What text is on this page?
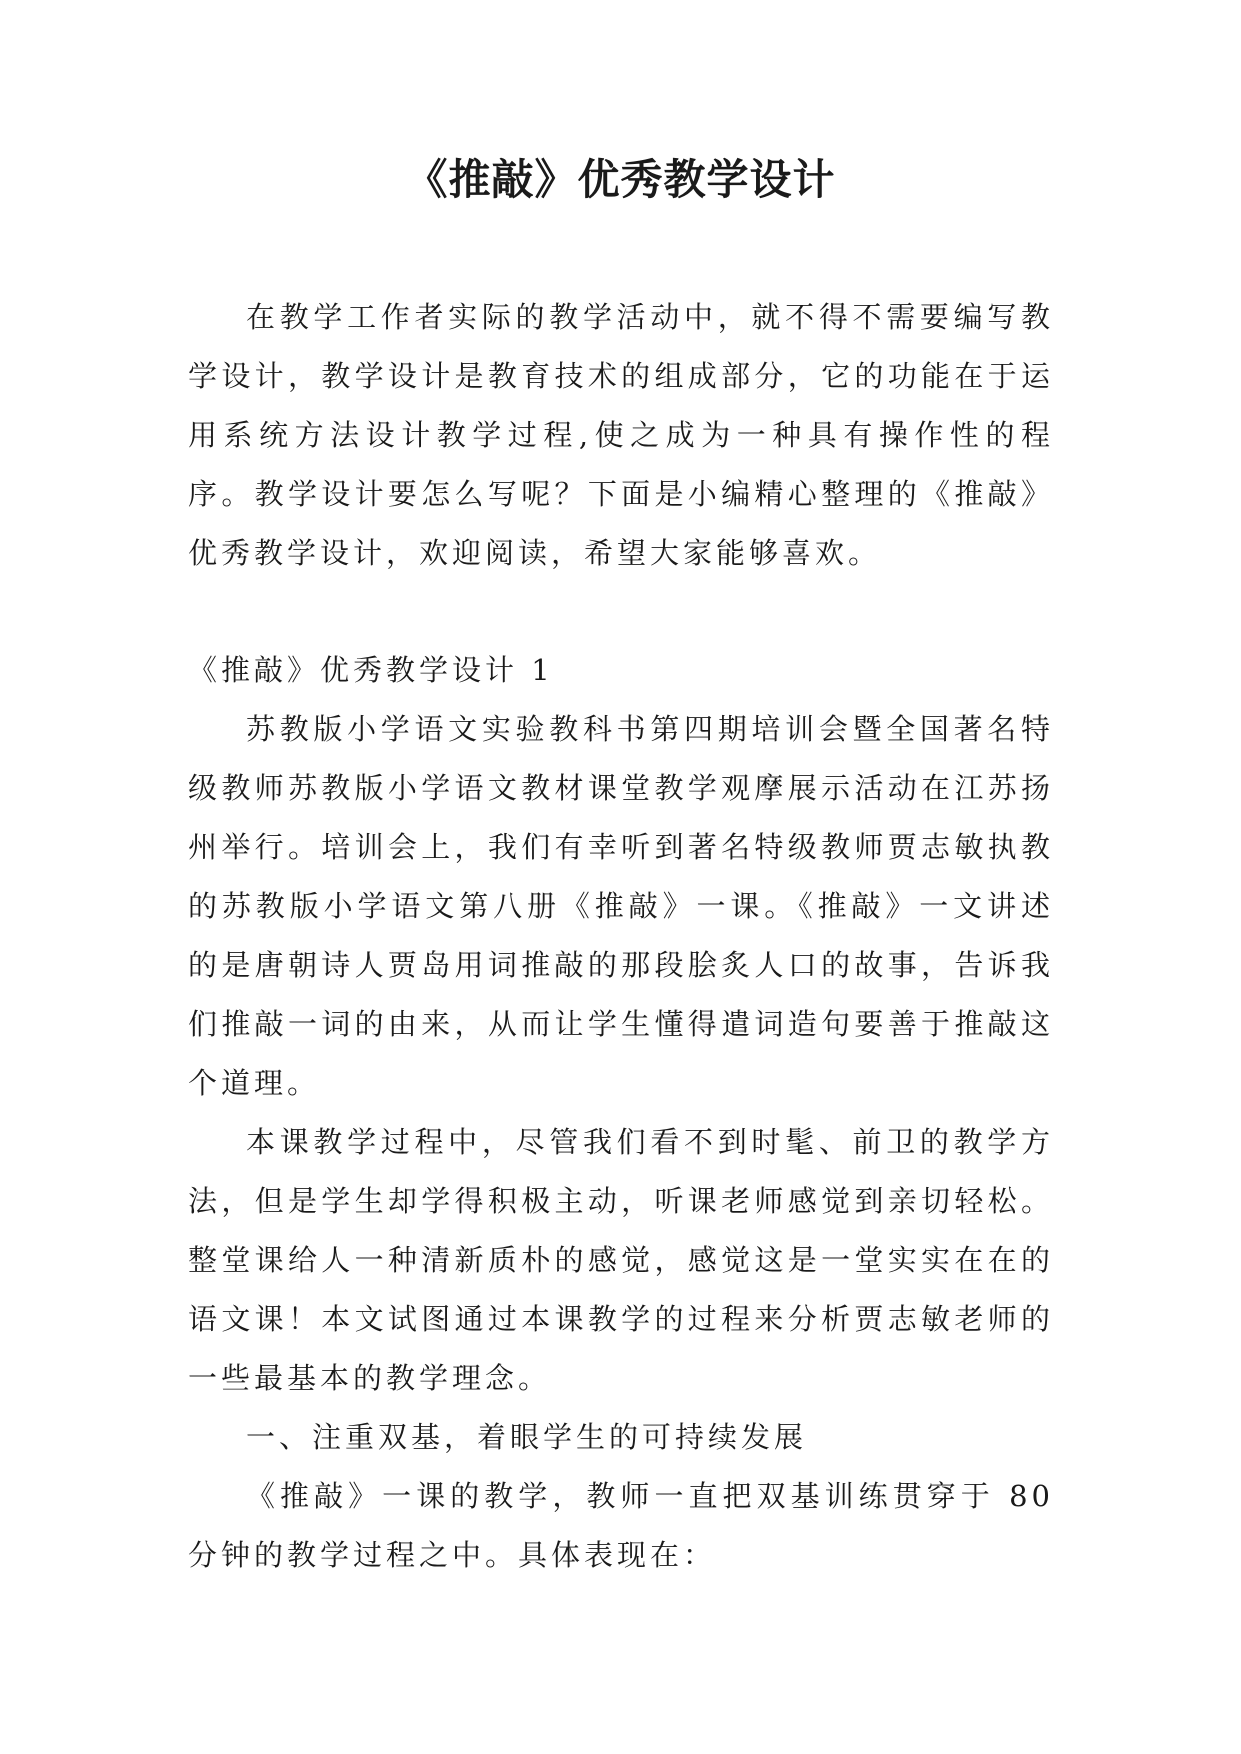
《推敲》优秀教学设计

在教学工作者实际的教学活动中，就不得不需要编写教学设计，教学设计是教育技术的组成部分，它的功能在于运用系统方法设计教学过程,使之成为一种具有操作性的程序。教学设计要怎么写呢？下面是小编精心整理的《推敲》优秀教学设计，欢迎阅读，希望大家能够喜欢。

《推敲》优秀教学设计 1

苏教版小学语文实验教科书第四期培训会暨全国著名特级教师苏教版小学语文教材课堂教学观摩展示活动在江苏扬州举行。培训会上，我们有幸听到著名特级教师贾志敏执教的苏教版小学语文第八册《推敲》一课。《推敲》一文讲述的是唐朝诗人贾岛用词推敲的那段脍炙人口的故事，告诉我们推敲一词的由来，从而让学生懂得遣词造句要善于推敲这个道理。

本课教学过程中，尽管我们看不到时髦、前卫的教学方法，但是学生却学得积极主动，听课老师感觉到亲切轻松。整堂课给人一种清新质朴的感觉，感觉这是一堂实实在在的语文课！本文试图通过本课教学的过程来分析贾志敏老师的一些最基本的教学理念。

一、注重双基，着眼学生的可持续发展

《推敲》一课的教学，教师一直把双基训练贯穿于 80 分钟的教学过程之中。具体表现在：
